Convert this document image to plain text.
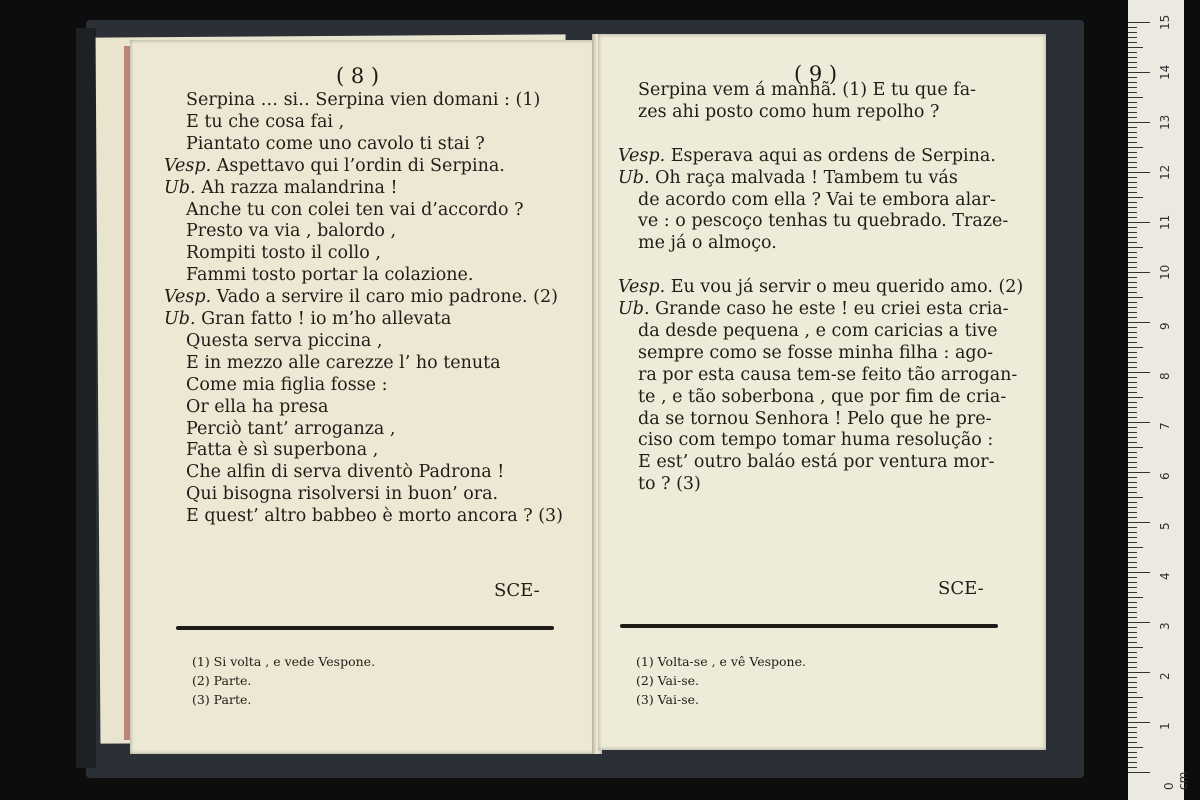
( 8 )
Serpina .‥ si‥ Serpina vien domani : (1)
E tu che cosa fai ,
Piantato come uno cavolo ti stai ?
Vesp. Aspettavo qui l’ordin di Serpina.
Ub. Ah razza malandrina !
Anche tu con colei ten vai d’accordo ?
Presto va via , balordo ,
Rompiti tosto il collo ,
Fammi tosto portar la colazione.
Vesp. Vado a servire il caro mio padrone. (2)
Ub. Gran fatto ! io m’ho allevata
Questa serva piccina ,
E in mezzo alle carezze l’ ho tenuta
Come mia figlia fosse :
Or ella ha presa
Perciò tant’ arroganza ,
Fatta è sì superbona ,
Che alfin di serva diventò Padrona !
Qui bisogna risolversi in buon’ ora.
E quest’ altro babbeo è morto ancora ? (3)
SCE-
(1) Si volta , e vede Vespone.
(2) Parte.
(3) Parte.
( 9 )
Serpina vem á manhã. (1) E tu que fa-
zes ahi posto como hum repolho ?
Vesp. Esperava aqui as ordens de Serpina.
Ub. Oh raça malvada ! Tambem tu vás
de acordo com ella ? Vai te embora alar-
ve : o pescoço tenhas tu quebrado. Traze-
me já o almoço.
Vesp. Eu vou já servir o meu querido amo. (2)
Ub. Grande caso he este ! eu criei esta cria-
da desde pequena , e com caricias a tive
sempre como se fosse minha filha : ago-
ra por esta causa tem-se feito tão arrogan-
te , e tão soberbona , que por fim de cria-
da se tornou Senhora ! Pelo que he pre-
ciso com tempo tomar huma resolução :
E est’ outro baláo está por ventura mor-
to ? (3)
SCE-
(1) Volta-se , e vê Vespone.
(2) Vai-se.
(3) Vai-se.
0 cm
1
2
3
4
5
6
7
8
9
10
11
12
13
14
15
